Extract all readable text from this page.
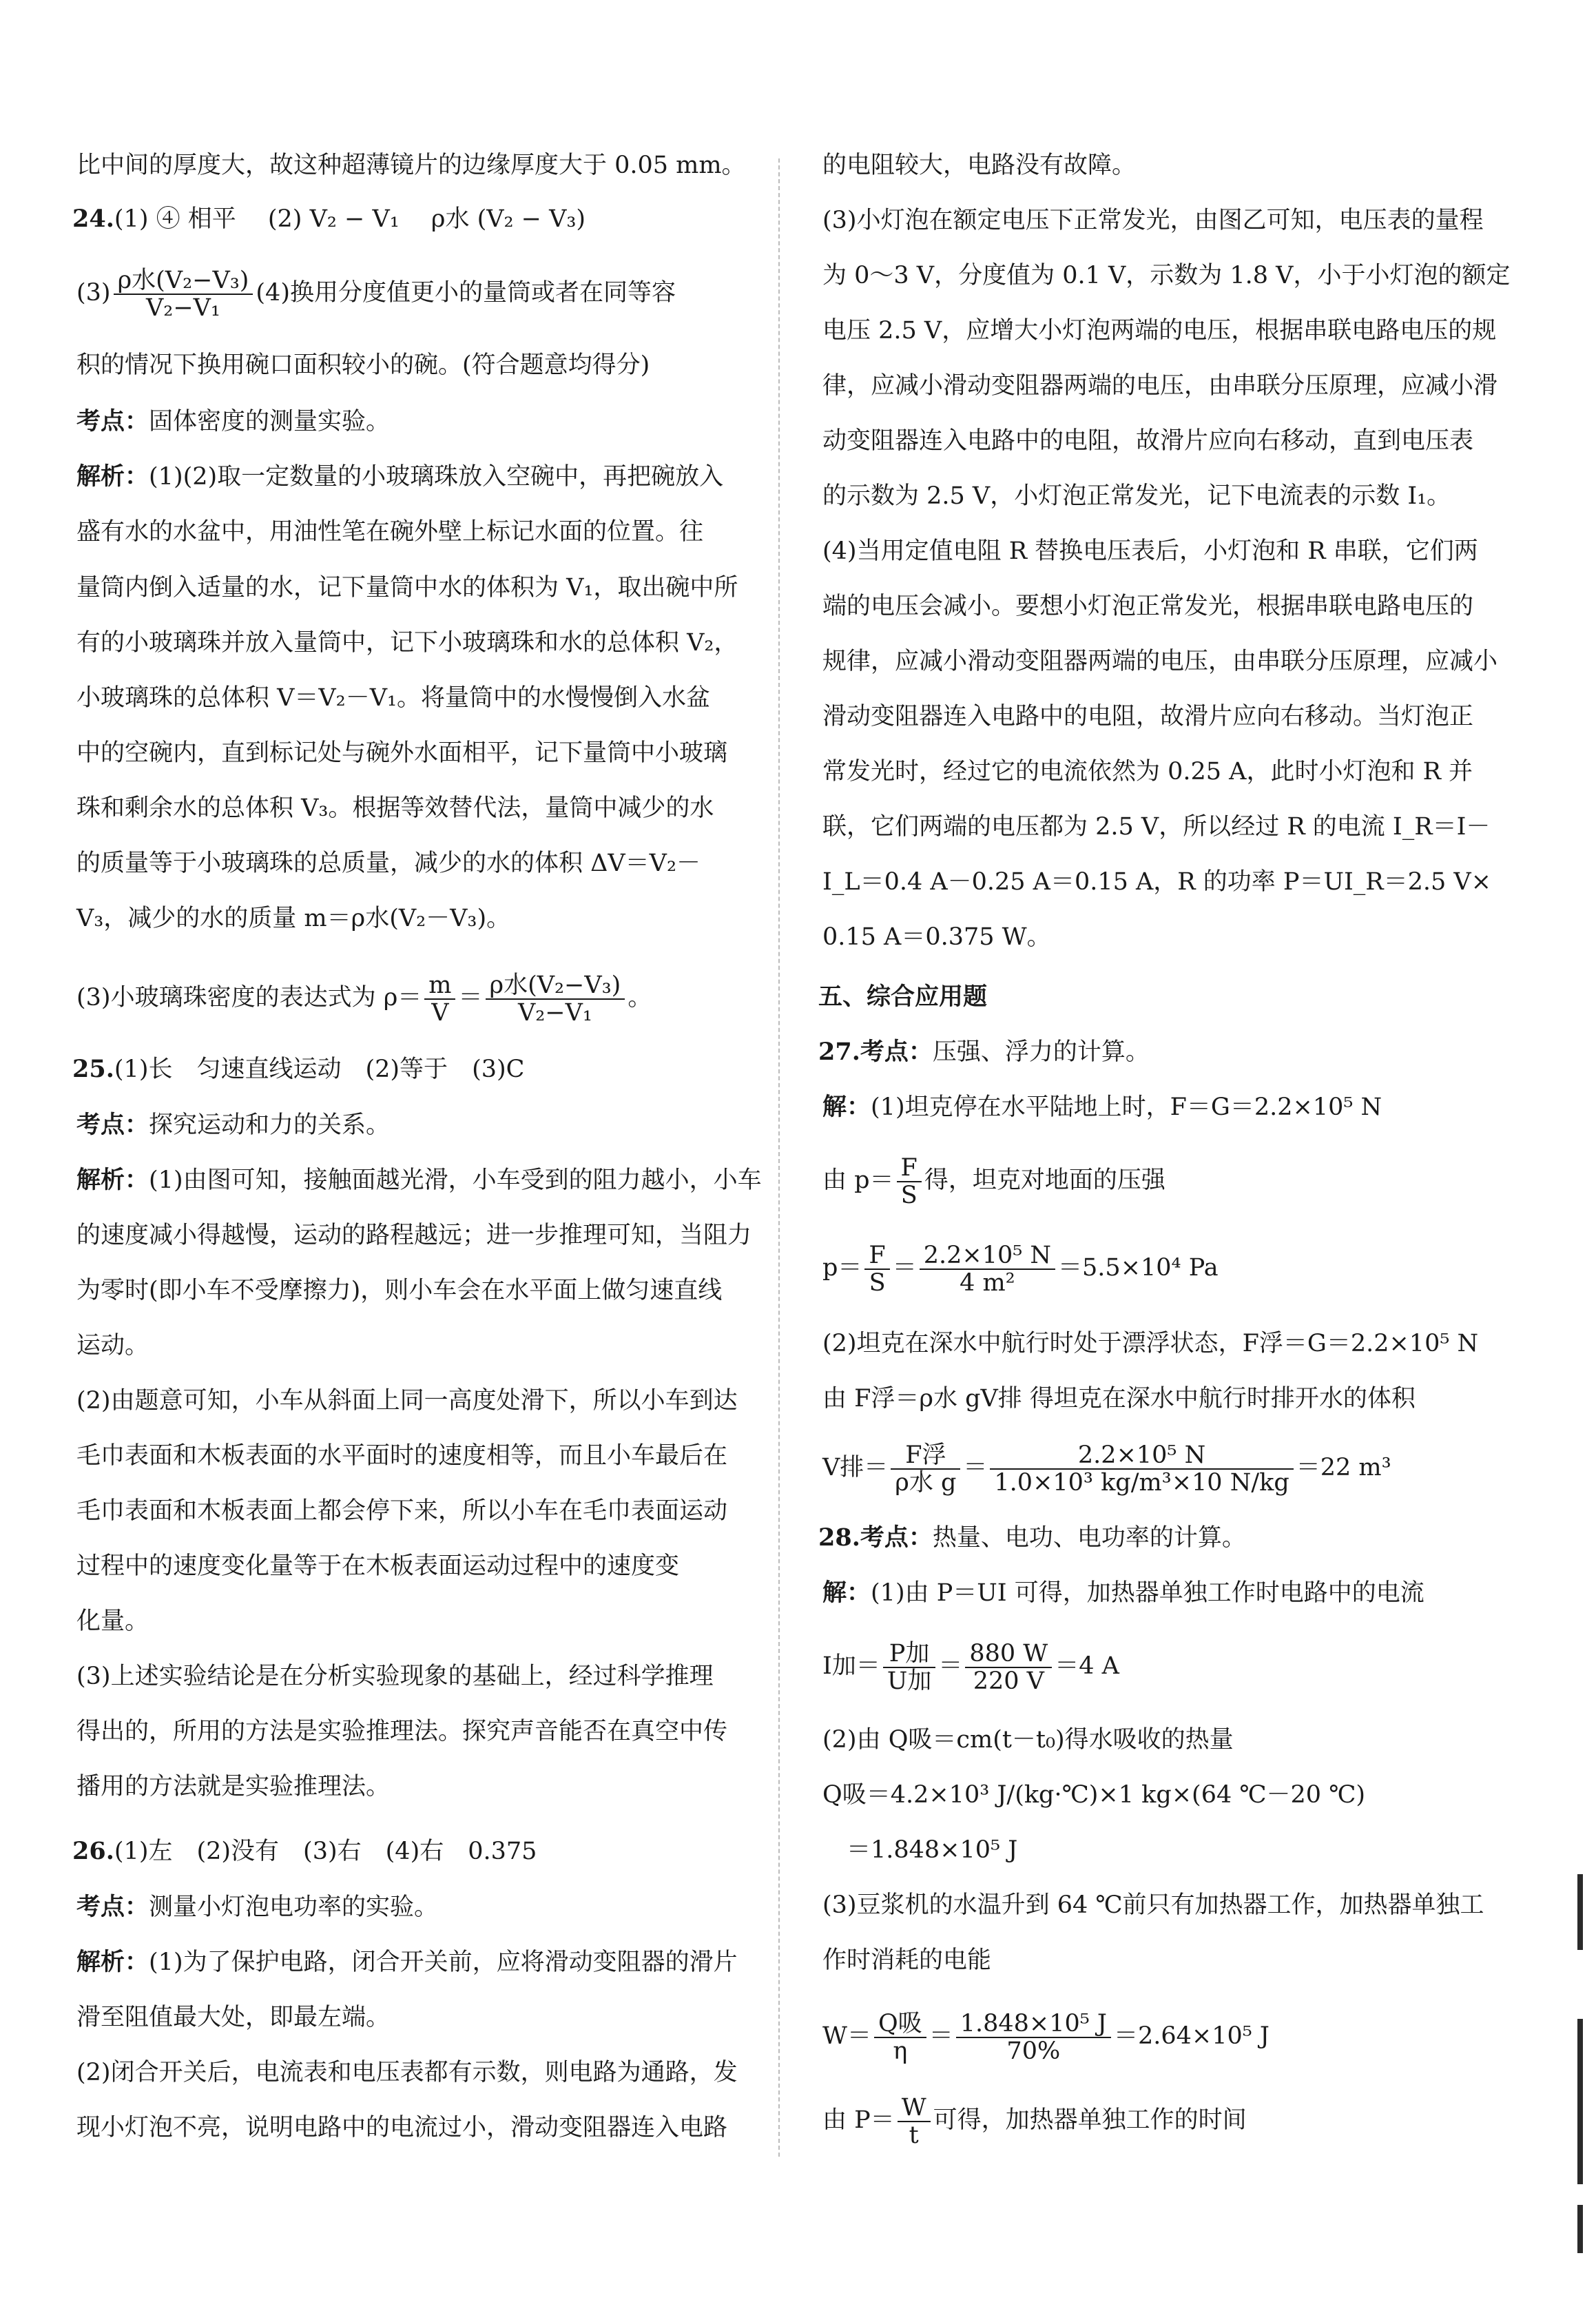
比中间的厚度大，故这种超薄镜片的边缘厚度大于 0.05 mm。
24.(1) ④ 相平　 (2) V₂ − V₁　 ρ水 (V₂ − V₃)
$(3) \frac{\text{ρ水(V₂−V₃)}}{\text{V₂−V₁}} (4)$换用分度值更小的量筒或者在同等容
积的情况下换用碗口面积较小的碗。(符合题意均得分)
考点：固体密度的测量实验。
解析：(1)(2)取一定数量的小玻璃珠放入空碗中，再把碗放入
盛有水的水盆中，用油性笔在碗外壁上标记水面的位置。往
量筒内倒入适量的水，记下量筒中水的体积为 V₁，取出碗中所
有的小玻璃珠并放入量筒中，记下小玻璃珠和水的总体积 V₂，
小玻璃珠的总体积 V＝V₂－V₁。将量筒中的水慢慢倒入水盆
中的空碗内，直到标记处与碗外水面相平，记下量筒中小玻璃
珠和剩余水的总体积 V₃。根据等效替代法，量筒中减少的水
的质量等于小玻璃珠的总质量，减少的水的体积 ΔV＝V₂－
V₃，减少的水的质量 m＝ρ水(V₂－V₃)。
(3)小玻璃珠密度的表达式为 $\rho= \frac{m}{V} = \frac{\text{ρ水(V₂−V₃)}}{\text{V₂−V₁}}$ 。
25.(1)长　匀速直线运动　(2)等于　(3)C
考点：探究运动和力的关系。
解析：(1)由图可知，接触面越光滑，小车受到的阻力越小，小车
的速度减小得越慢，运动的路程越远；进一步推理可知，当阻力
为零时(即小车不受摩擦力)，则小车会在水平面上做匀速直线
运动。
(2)由题意可知，小车从斜面上同一高度处滑下，所以小车到达
毛巾表面和木板表面的水平面时的速度相等，而且小车最后在
毛巾表面和木板表面上都会停下来，所以小车在毛巾表面运动
过程中的速度变化量等于在木板表面运动过程中的速度变
化量。
(3)上述实验结论是在分析实验现象的基础上，经过科学推理
得出的，所用的方法是实验推理法。探究声音能否在真空中传
播用的方法就是实验推理法。
26.(1)左　(2)没有　(3)右　(4)右　0.375
考点：测量小灯泡电功率的实验。
解析：(1)为了保护电路，闭合开关前，应将滑动变阻器的滑片
滑至阻值最大处，即最左端。
(2)闭合开关后，电流表和电压表都有示数，则电路为通路，发
现小灯泡不亮，说明电路中的电流过小，滑动变阻器连入电路
的电阻较大，电路没有故障。
(3)小灯泡在额定电压下正常发光，由图乙可知，电压表的量程
为 0～3 V，分度值为 0.1 V，示数为 1.8 V，小于小灯泡的额定
电压 2.5 V，应增大小灯泡两端的电压，根据串联电路电压的规
律，应减小滑动变阻器两端的电压，由串联分压原理，应减小滑
动变阻器连入电路中的电阻，故滑片应向右移动，直到电压表
的示数为 2.5 V，小灯泡正常发光，记下电流表的示数 I₁。
(4)当用定值电阻 R 替换电压表后，小灯泡和 R 串联，它们两
端的电压会减小。要想小灯泡正常发光，根据串联电路电压的
规律，应减小滑动变阻器两端的电压，由串联分压原理，应减小
滑动变阻器连入电路中的电阻，故滑片应向右移动。当灯泡正
常发光时，经过它的电流依然为 0.25 A，此时小灯泡和 R 并
联，它们两端的电压都为 2.5 V，所以经过 R 的电流 I_R＝I－
I_L＝0.4 A－0.25 A＝0.15 A，R 的功率 P＝UI_R＝2.5 V×
0.15 A＝0.375 W。
五、综合应用题
27.考点：压强、浮力的计算。
解：(1)坦克停在水平陆地上时，F＝G＝2.2×10⁵ N
由 $p= \frac{F}{S}$ 得，坦克对地面的压强
$p= \frac{F}{S} = \frac{\text{2.2×10⁵ N}}{\text{4 m²}} =5.5\times 10^4$ Pa
(2)坦克在深水中航行时处于漂浮状态，F浮＝G＝2.2×10⁵ N
由 F浮＝ρ水 gV排 得坦克在深水中航行时排开水的体积
V排＝ $\frac{\text{F浮}}{\text{ρ水 g}} = \frac{\text{2.2×10⁵ N}}{\text{1.0×10³ kg/m³×10 N/kg}} =22$ m³
28.考点：热量、电功、电功率的计算。
解：(1)由 P＝UI 可得，加热器单独工作时电路中的电流
I加＝ $\frac{\text{P加}}{\text{U加}} = \frac{880 W}{220 V} =4$ A
(2)由 Q吸＝cm(t－t₀)得水吸收的热量
Q吸＝4.2×10³ J/(kg·℃)×1 kg×(64 ℃－20 ℃)
　＝1.848×10⁵ J
(3)豆浆机的水温升到 64 ℃前只有加热器工作，加热器单独工
作时消耗的电能
$W= \frac{\text{Q吸}}{\eta} = \frac{\text{1.848×10⁵ J}}{70\%} =2.64\times 10^5$ J
由 $P= \frac{W}{t}$ 可得，加热器单独工作的时间
